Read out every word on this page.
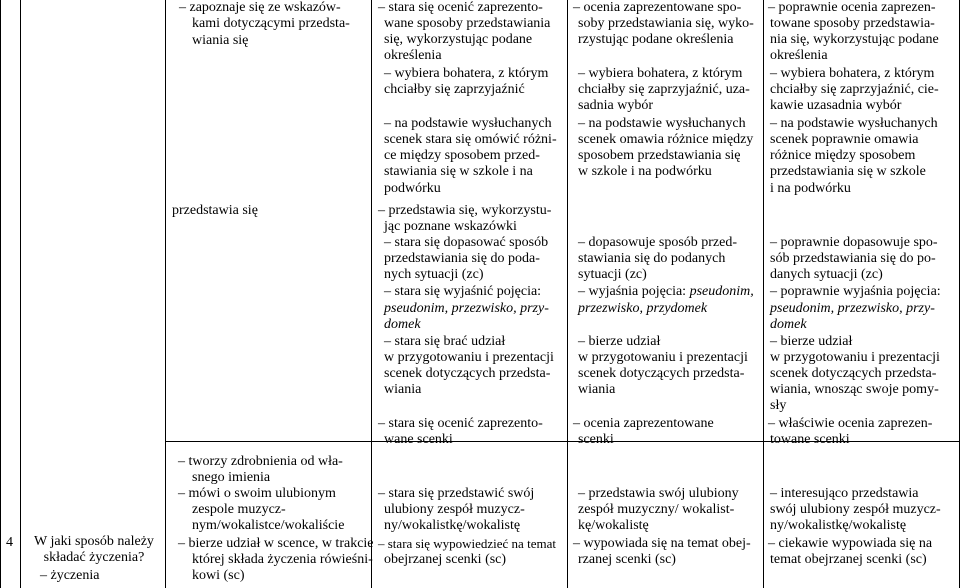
4	W jaki sposób należy składać życzenia?
– zapoznaje się ze wskazów-
kami dotyczącymi przedsta-
wiania się
przedstawia się
– tworzy zdrobnienia od wła-
snego imienia
– mówi o swoim ulubionym
zespole muzycz-
nym/wokalistce/wokaliście
– bierze udział w scence, w trakcie
której składa życzenia rówieśni-
kowi (sc)
– życzenia
– stara się ocenić zaprezento-
wane sposoby przedstawiania
się, wykorzystując podane
określenia
– wybiera bohatera, z którym
chciałby się zaprzyjaźnić
– na podstawie wysłuchanych
scenek stara się omówić różni-
ce między sposobem przed-
stawiania się w szkole i na
podwórku
– przedstawia się, wykorzystu-
jąc poznane wskazówki
– stara się dopasować sposób
przedstawiania się do poda-
nych sytuacji (zc)
– stara się wyjaśnić pojęcia:
pseudonim, przezwisko, przy-
domek
– stara się brać udział
w przygotowaniu i prezentacji
scenek dotyczących przedsta-
wiania
– stara się ocenić zaprezento-
wane scenki
– stara się przedstawić swój
ulubiony zespół muzycz-
ny/wokalistkę/wokalistę
– stara się wypowiedzieć na temat
obejrzanej scenki (sc)
– ocenia zaprezentowane spo-
soby przedstawiania się, wyko-
rzystując podane określenia
– wybiera bohatera, z którym
chciałby się zaprzyjaźnić, uza-
sadnia wybór
– na podstawie wysłuchanych
scenek omawia różnice między
sposobem przedstawiania się
w szkole i na podwórku
– dopasowuje sposób przed-
stawiania się do podanych
sytuacji (zc)
– wyjaśnia pojęcia: pseudonim,
przezwisko, przydomek
– bierze udział
w przygotowaniu i prezentacji
scenek dotyczących przedsta-
wiania
– ocenia zaprezentowane
scenki
– przedstawia swój ulubiony
zespół muzyczny/ wokalist-
kę/wokalistę
– wypowiada się na temat obej-
rzanej scenki (sc)
– poprawnie ocenia zaprezen-
towane sposoby przedstawia-
nia się, wykorzystując podane
określenia
– wybiera bohatera, z którym
chciałby się zaprzyjaźnić, cie-
kawie uzasadnia wybór
– na podstawie wysłuchanych
scenek poprawnie omawia
różnice między sposobem
przedstawiania się w szkole
i na podwórku
– poprawnie dopasowuje spo-
sób przedstawiania się do po-
danych sytuacji (zc)
– poprawnie wyjaśnia pojęcia:
pseudonim, przezwisko, przy-
domek
– bierze udział
w przygotowaniu i prezentacji
scenek dotyczących przedsta-
wiania, wnosząc swoje pomy-
sły
– właściwie ocenia zaprezen-
towane scenki
– interesująco przedstawia
swój ulubiony zespół muzycz-
ny/wokalistkę/wokalistę
– ciekawie wypowiada się na
temat obejrzanej scenki (sc)
